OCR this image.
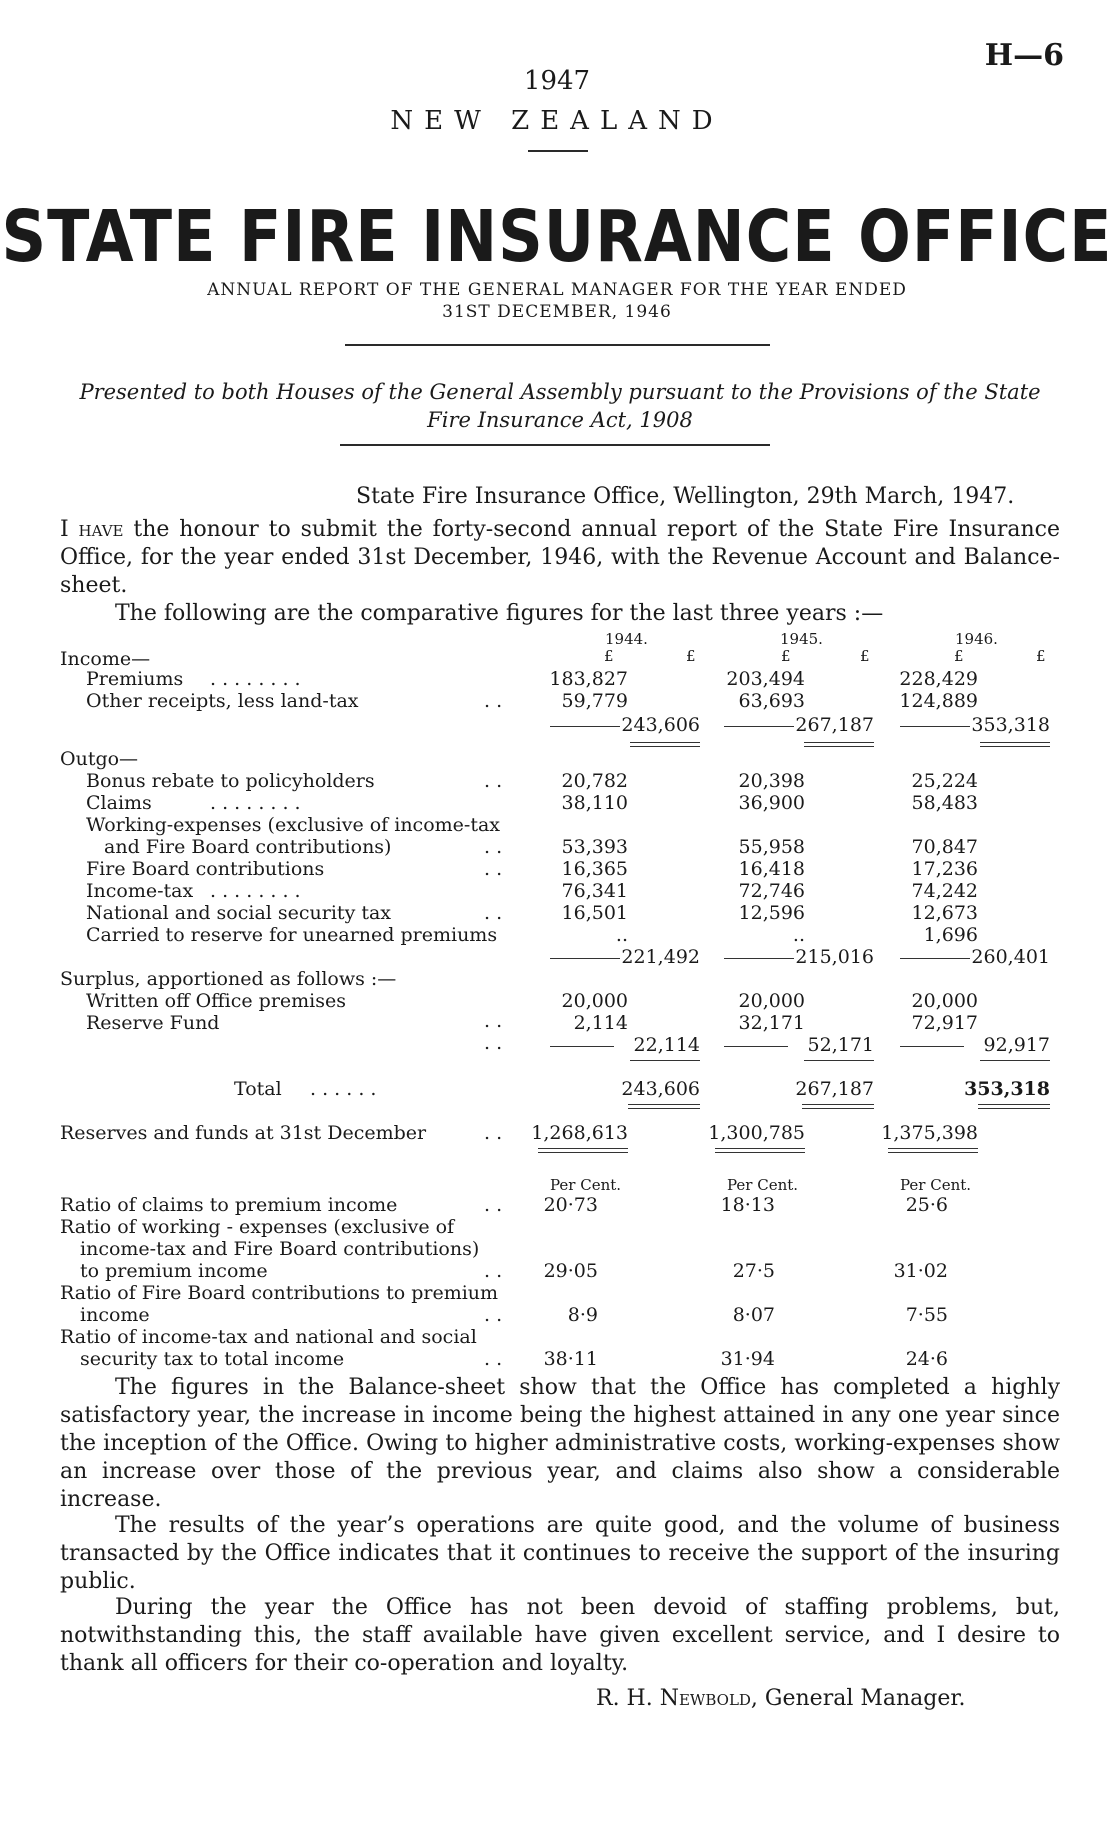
H—6
1947
NEW ZEALAND
STATE FIRE INSURANCE OFFICE
ANNUAL REPORT OF THE GENERAL MANAGER FOR THE YEAR ENDED
31ST DECEMBER, 1946
Presented to both Houses of the General Assembly pursuant to the Provisions of the State Fire Insurance Act, 1908
State Fire Insurance Office, Wellington, 29th March, 1947.
I have the honour to submit the forty-second annual report of the State Fire Insurance Office, for the year ended 31st December, 1946, with the Revenue Account and Balance-sheet.
The following are the comparative figures for the last three years :—
1944.
£	£
1945.
£	£
1946.
£	£
Income—
Premiums	183,827	203,494	228,429
Other receipts, less land-tax	59,779	63,693	124,889
243,606	267,187	353,318
Outgo—
Bonus rebate to policyholders	20,782	20,398	25,224
Claims	38,110	36,900	58,483
Working-expenses (exclusive of income-tax
and Fire Board contributions)	53,393	55,958	70,847
Fire Board contributions	16,365	16,418	17,236
Income-tax	76,341	72,746	74,242
National and social security tax	16,501	12,596	12,673
Carried to reserve for unearned premiums	..	..	1,696
221,492	215,016	260,401
Surplus, apportioned as follows :—
Written off Office premises	20,000	20,000	20,000
Reserve Fund	2,114	32,171	72,917
22,114	52,171	92,917
Total . . . . . .	243,606	267,187	353,318
Reserves and funds at 31st December	. .	1,268,613	1,300,785	1,375,398
Per Cent.	Per Cent.	Per Cent.
Ratio of claims to premium income	. .	20·73	18·13	25·6
Ratio of working - expenses (exclusive of
income-tax and Fire Board contributions)
to premium income	. .	29·05	27·5	31·02
Ratio of Fire Board contributions to premium
income	. .	8·9	8·07	7·55
Ratio of income-tax and national and social
security tax to total income	. .	38·11	31·94	24·6
. . . . . . . .
. .
. .
. . . . . . . .
. .
. .
. . . . . . . .
. .
. .
. .
The figures in the Balance-sheet show that the Office has completed a highly satisfactory year, the increase in income being the highest attained in any one year since the inception of the Office. Owing to higher administrative costs, working-expenses show an increase over those of the previous year, and claims also show a considerable increase.
The results of the year’s operations are quite good, and the volume of business transacted by the Office indicates that it continues to receive the support of the insuring public.
During the year the Office has not been devoid of staffing problems, but, notwithstanding this, the staff available have given excellent service, and I desire to thank all officers for their co-operation and loyalty.
R. H. Newbold, General Manager.
